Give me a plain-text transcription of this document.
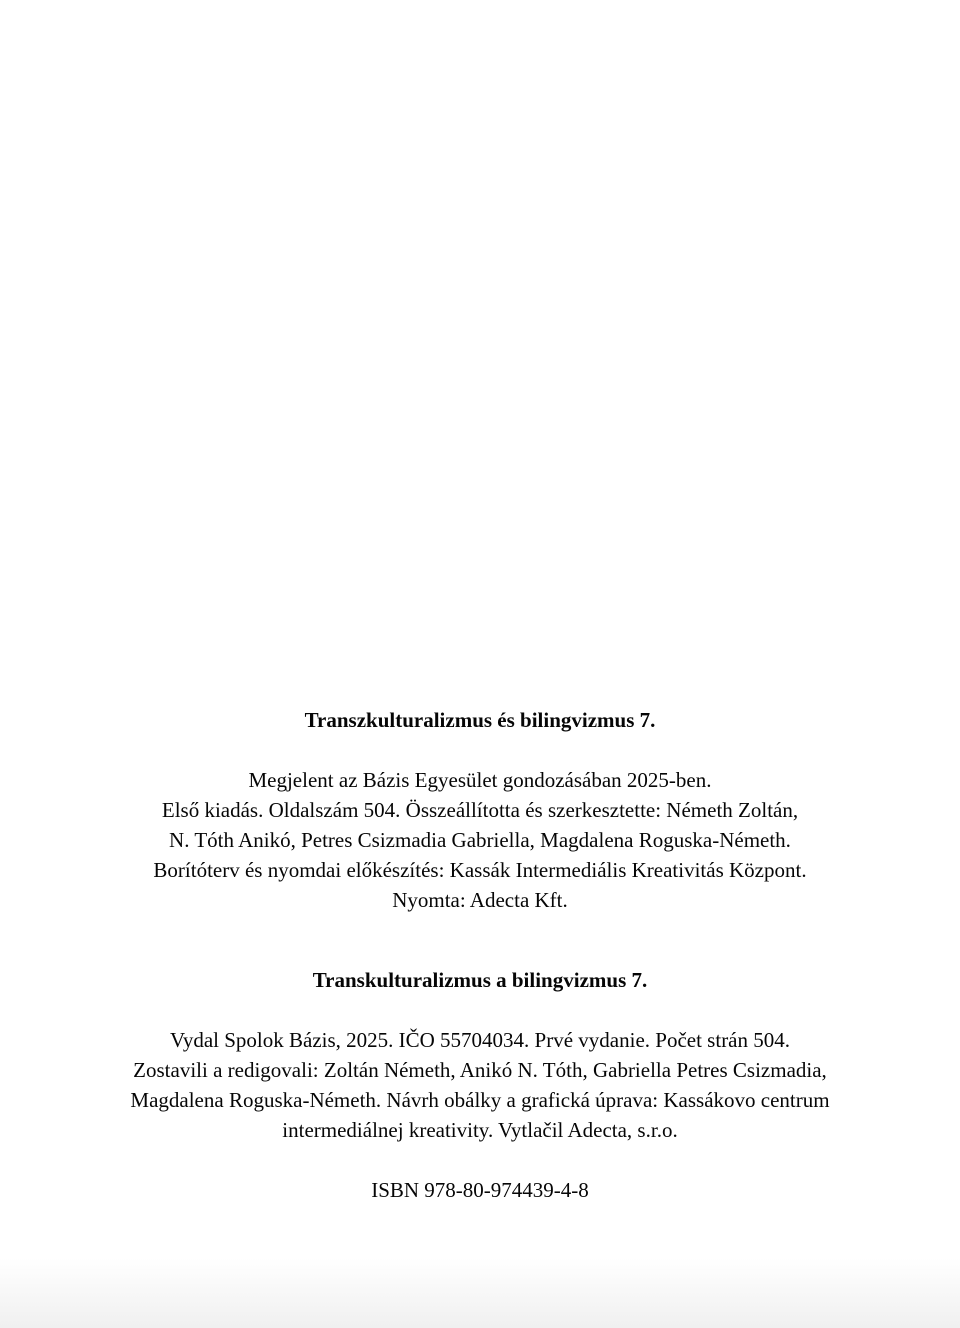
Transzkulturalizmus és bilingvizmus 7.
Megjelent az Bázis Egyesület gondozásában 2025-ben.
Első kiadás. Oldalszám 504. Összeállította és szerkesztette: Németh Zoltán,
N. Tóth Anikó, Petres Csizmadia Gabriella, Magdalena Roguska-Németh.
Borítóterv és nyomdai előkészítés: Kassák Intermediális Kreativitás Központ.
Nyomta: Adecta Kft.
Transkulturalizmus a bilingvizmus 7.
Vydal Spolok Bázis, 2025. IČO 55704034. Prvé vydanie. Počet strán 504.
Zostavili a redigovali: Zoltán Németh, Anikó N. Tóth, Gabriella Petres Csizmadia,
Magdalena Roguska-Németh. Návrh obálky a grafická úprava: Kassákovo centrum
intermediálnej kreativity. Vytlačil Adecta, s.r.o.
ISBN 978-80-974439-4-8
